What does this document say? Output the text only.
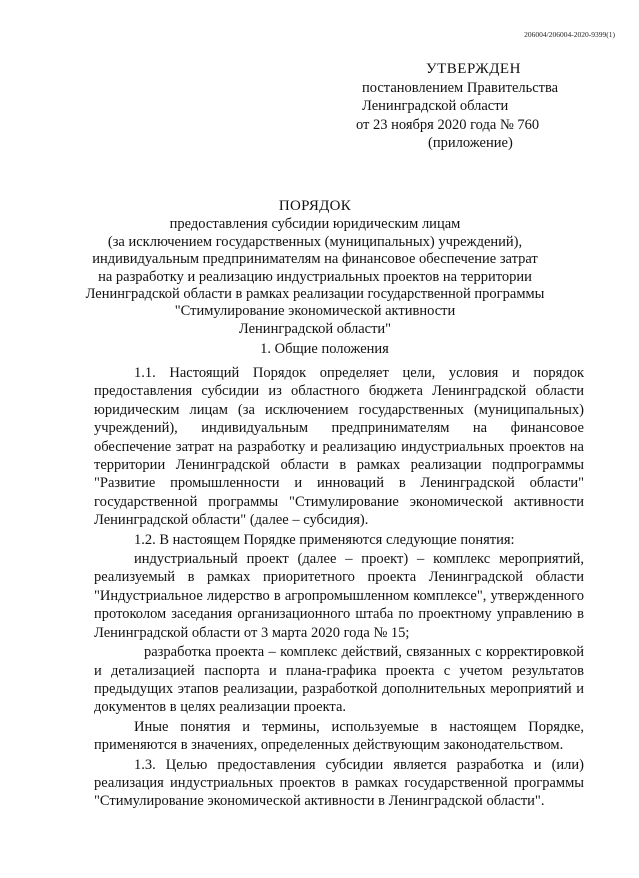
206004/206004-2020-9399(1)
УТВЕРЖДЕН
постановлением Правительства
Ленинградской области
от 23 ноября 2020 года № 760
(приложение)
ПОРЯДОК
предоставления субсидии юридическим лицам
(за исключением государственных (муниципальных) учреждений),
индивидуальным предпринимателям на финансовое обеспечение затрат
на разработку и реализацию индустриальных проектов на территории
Ленинградской области в рамках реализации государственной программы
"Стимулирование экономической активности
Ленинградской области"
1. Общие положения

1.1. Настоящий Порядок определяет цели, условия и порядок предоставления субсидии из областного бюджета Ленинградской области юридическим лицам (за исключением государственных (муниципальных) учреждений), индивидуальным предпринимателям на финансовое обеспечение затрат на разработку и реализацию индустриальных проектов на территории Ленинградской области в рамках реализации подпрограммы "Развитие промышленности и инноваций в Ленинградской области" государственной программы "Стимулирование экономической активности Ленинградской области" (далее – субсидия).

1.2. В настоящем Порядке применяются следующие понятия:

индустриальный проект (далее – проект) – комплекс мероприятий, реализуемый в рамках приоритетного проекта Ленинградской области "Индустриальное лидерство в агропромышленном комплексе", утвержденного протоколом заседания организационного штаба по проектному управлению в Ленинградской области от 3 марта 2020 года № 15;

разработка проекта – комплекс действий, связанных с корректировкой и детализацией паспорта и плана-графика проекта с учетом результатов предыдущих этапов реализации, разработкой дополнительных мероприятий и документов в целях реализации проекта.

Иные понятия и термины, используемые в настоящем Порядке, применяются в значениях, определенных действующим законодательством.

1.3. Целью предоставления субсидии является разработка и (или) реализация индустриальных проектов в рамках государственной программы "Стимулирование экономической активности в Ленинградской области".
